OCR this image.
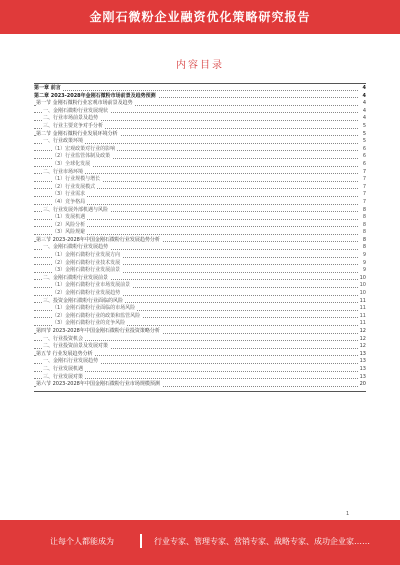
金刚石微粉企业融资优化策略研究报告
内容目录
第一章 前言	4
第二章 2023-2028年金刚石微粉市场前景及趋势预测	4
第一节 金刚石微粉行业宏观市场前景及趋势	4
一、金刚石微粉行业发展现状	4
二、行业市场前景及趋势	4
三、行业主要竞争对手分析	5
第二节 金刚石微粉行业发展环境分析	5
一、行业政策环境	5
（1）宏观政策对行业的影响	6
（2）行业监管体制及政策	6
（3）全球化发展	6
二、行业市场环境	7
（1）行业规模与增长	7
（2）行业发展模式	7
（3）行业需求	7
（4）竞争格局	7
三、行业发展外部机遇与风险	8
（1）发展机遇	8
（2）风险分析	8
（3）风险规避	8
第三节 2023-2028年中国金刚石微粉行业发展趋势分析	8
一、金刚石微粉行业发展趋势	8
（1）金刚石微粉行业发展方向	9
（2）金刚石微粉行业技术发展	9
（3）金刚石微粉行业发展前景	9
二、金刚石微粉行业发展前景	10
（1）金刚石微粉行业市场发展前景	10
（2）金刚石微粉行业发展趋势	10
三、投资金刚石微粉行业面临的风险	11
（1）金刚石微粉行业面临的市场风险	11
（2）金刚石微粉行业的政策和监管风险	11
（3）金刚石微粉行业的竞争风险	11
第四节 2023-2028年中国金刚石微粉行业投资策略分析	12
一、行业投资机会	12
二、行业投资前景及发展对策	12
第五节 行业发展趋势分析	13
一、金刚石行业发展趋势	13
二、行业发展机遇	13
三、行业发展对策	13
第六节 2023-2028年中国金刚石微粉行业市场规模预测	20
1
让每个人都能成为	行业专家、管理专家、营销专家、战略专家、成功企业家……
